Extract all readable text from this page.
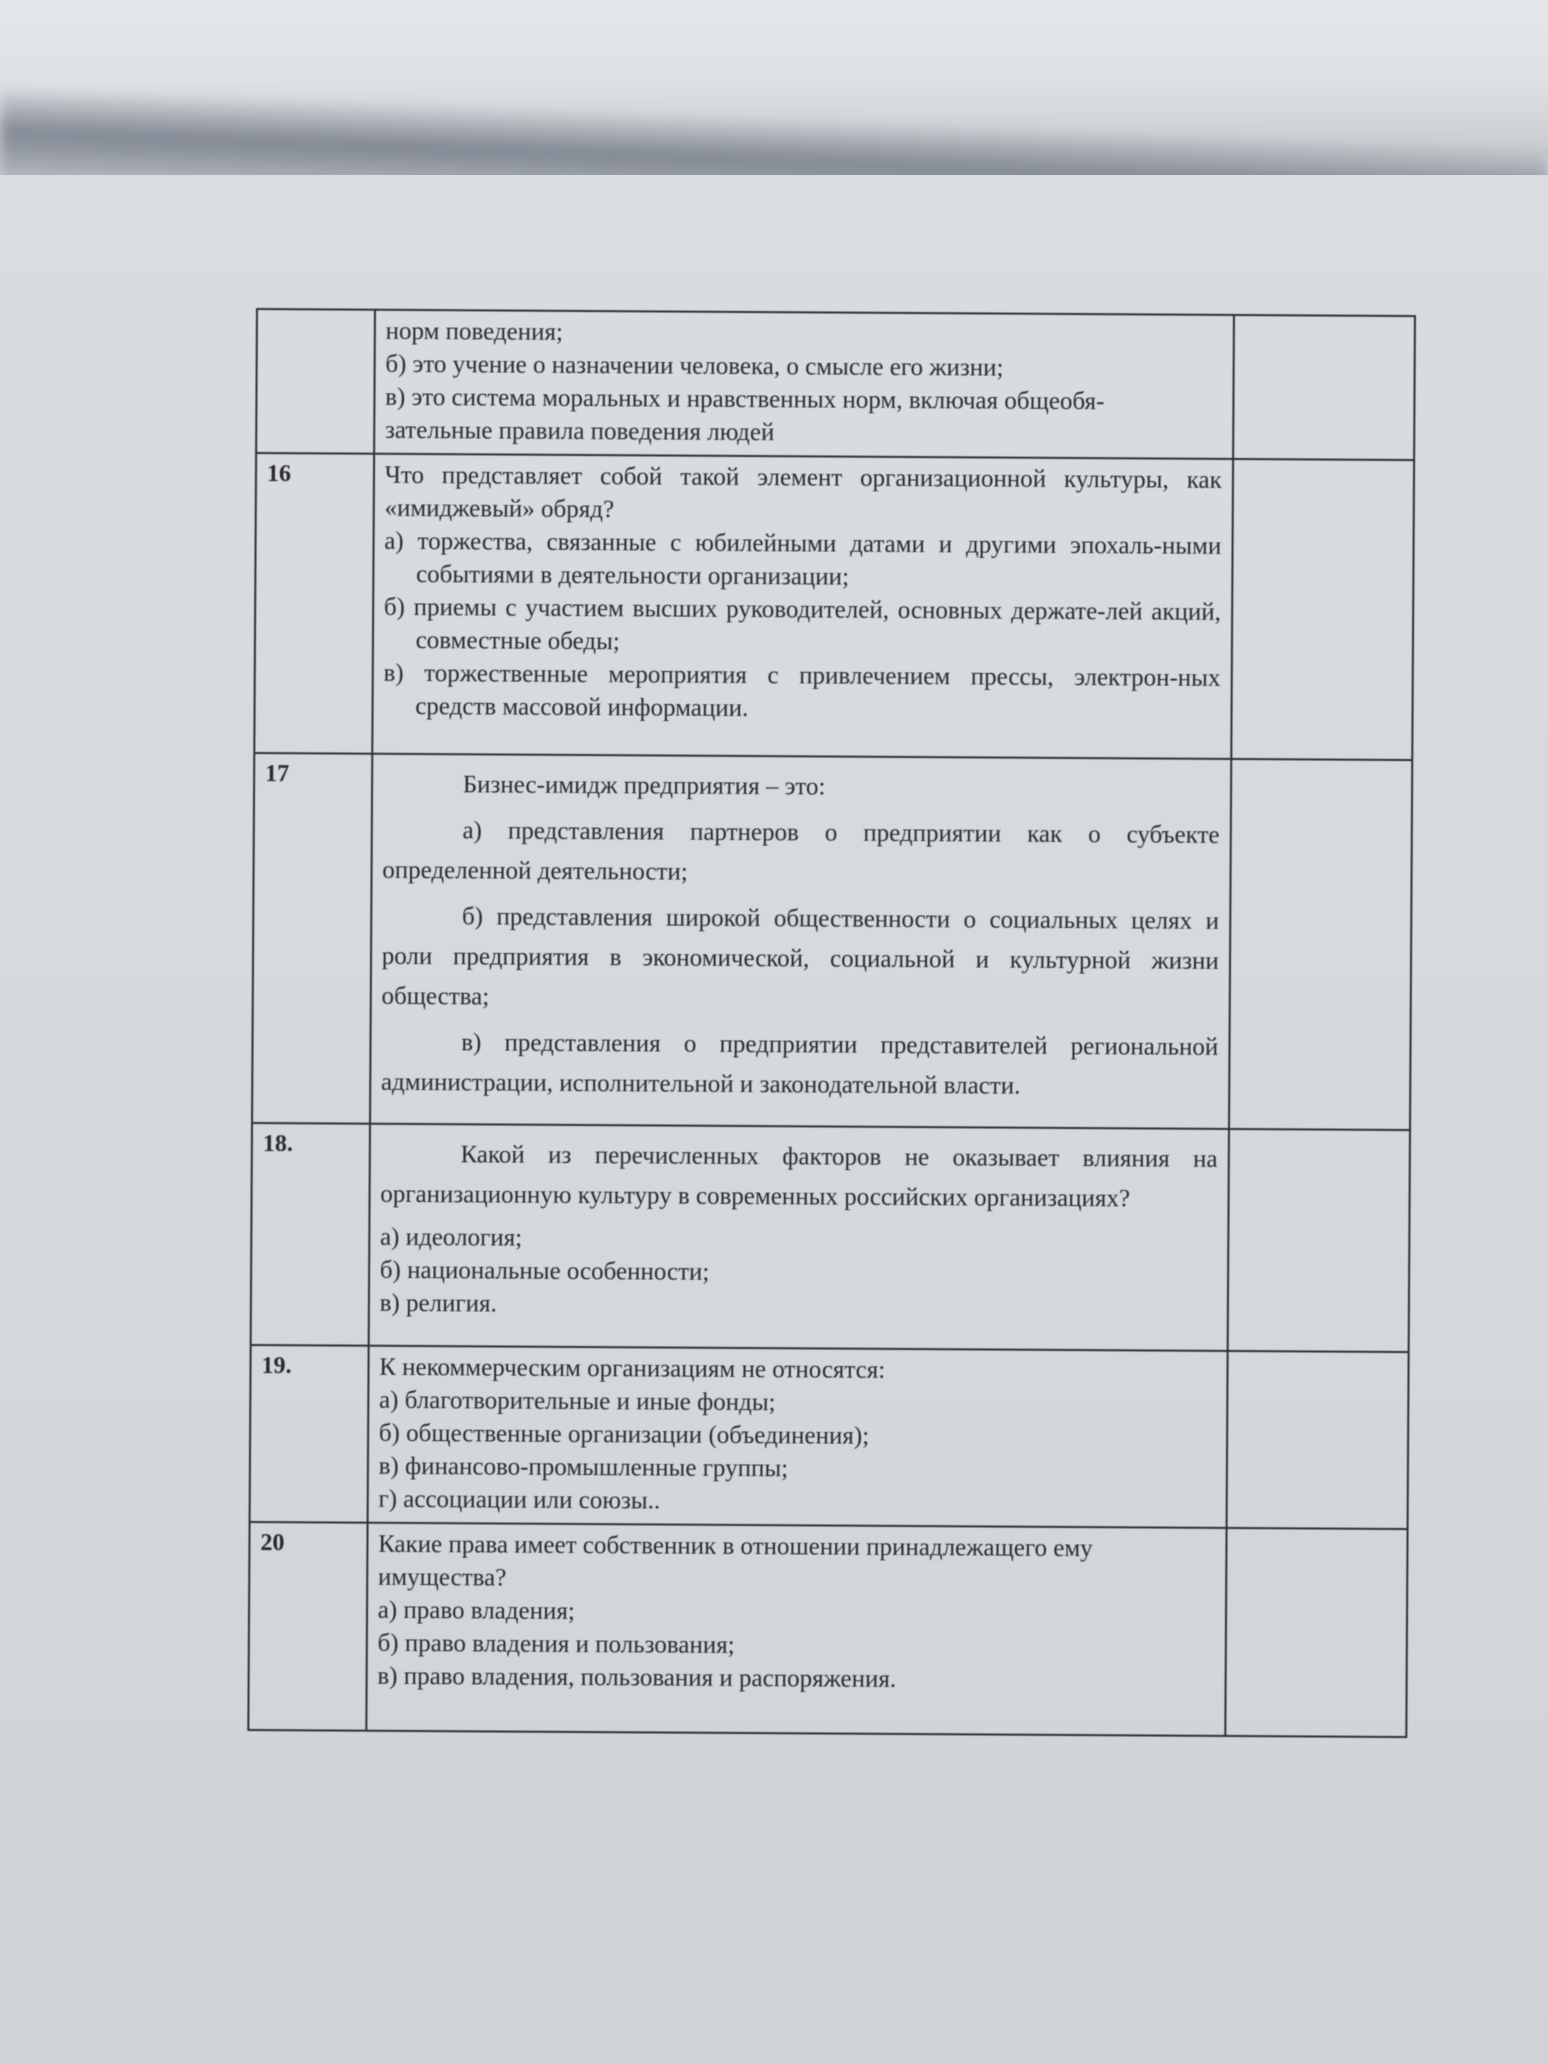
	норм поведения;
б) это учение о назначении человека, о смысле его жизни;
в) это система моральных и нравственных норм, включая общеобя-
зательные правила поведения людей	

16	Что представляет собой такой элемент организационной культуры, как «имиджевый» обряд?
а) торжества, связанные с юбилейными датами и другими эпохаль-ными событиями в деятельности организации;
б) приемы с участием высших руководителей, основных держате-лей акций, совместные обеды;
в) торжественные мероприятия с привлечением прессы, электрон-ных средств массовой информации.	

17	Бизнес-имидж предприятия – это:
а) представления партнеров о предприятии как о субъекте определенной деятельности;
б) представления широкой общественности о социальных целях и роли предприятия в экономической, социальной и культурной жизни общества;
в) представления о предприятии представителей региональной администрации, исполнительной и законодательной власти.	

18.	Какой из перечисленных факторов не оказывает влияния на организационную культуру в современных российских организациях?
а) идеология;
б) национальные особенности;
в) религия.	

19.	К некоммерческим организациям не относятся:
а) благотворительные и иные фонды;
б) общественные организации (объединения);
в) финансово-промышленные группы;
г) ассоциации или союзы..	

20	Какие права имеет собственник в отношении принадлежащего ему имущества?
а) право владения;
б) право владения и пользования;
в) право владения, пользования и распоряжения.	
